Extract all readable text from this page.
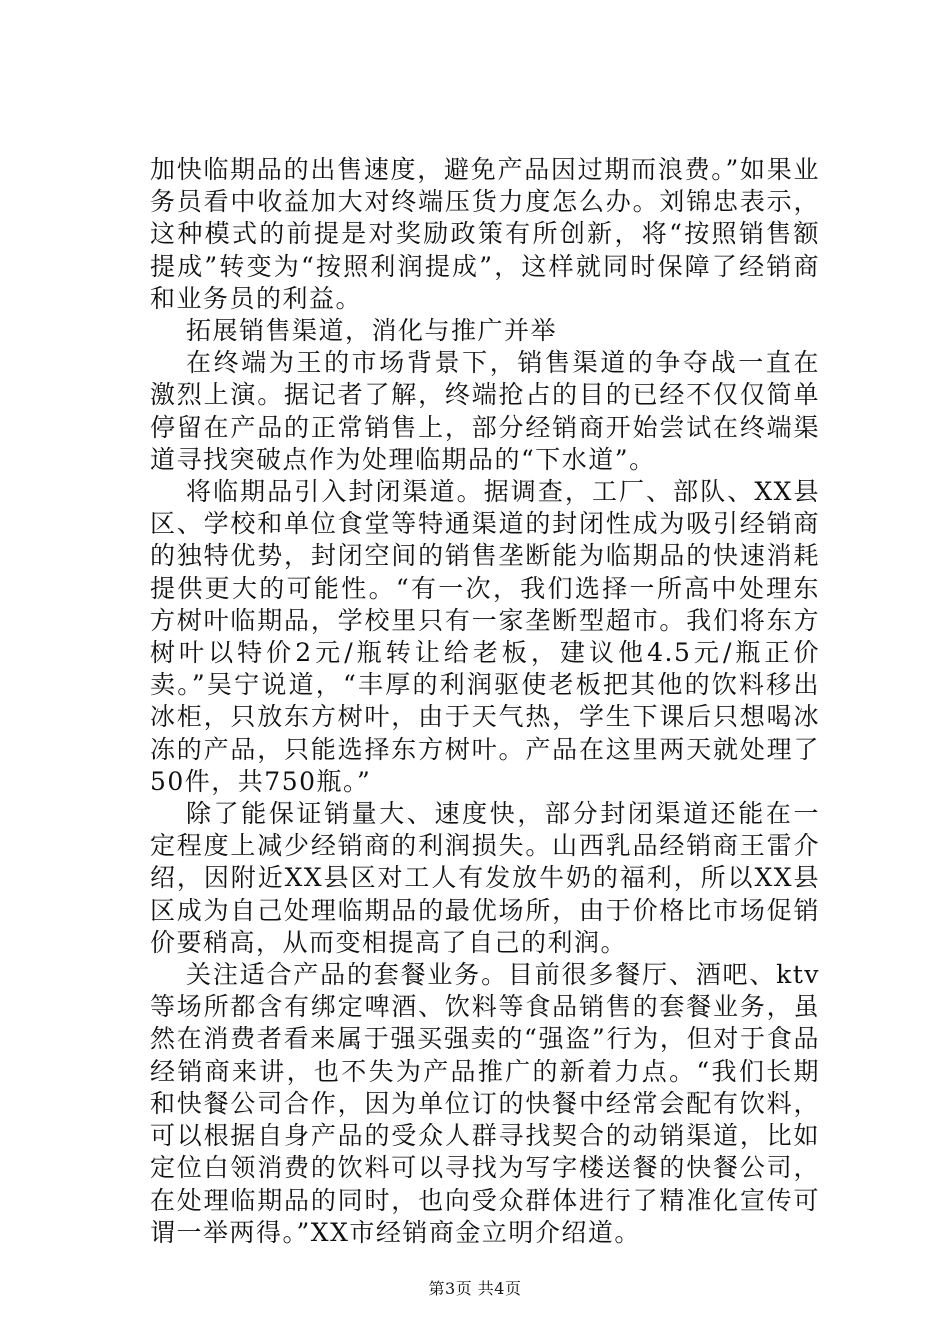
加快临期品的出售速度，避免产品因过期而浪费。”如果业务员看中收益加大对终端压货力度怎么办。刘锦忠表示，这种模式的前提是对奖励政策有所创新，将“按照销售额提成”转变为“按照利润提成”，这样就同时保障了经销商和业务员的利益。

拓展销售渠道，消化与推广并举

在终端为王的市场背景下，销售渠道的争夺战一直在激烈上演。据记者了解，终端抢占的目的已经不仅仅简单停留在产品的正常销售上，部分经销商开始尝试在终端渠道寻找突破点作为处理临期品的“下水道”。

将临期品引入封闭渠道。据调查，工厂、部队、XX县区、学校和单位食堂等特通渠道的封闭性成为吸引经销商的独特优势，封闭空间的销售垄断能为临期品的快速消耗提供更大的可能性。“有一次，我们选择一所高中处理东方树叶临期品，学校里只有一家垄断型超市。我们将东方树叶以特价2元/瓶转让给老板，建议他4.5元/瓶正价卖。”吴宁说道，“丰厚的利润驱使老板把其他的饮料移出冰柜，只放东方树叶，由于天气热，学生下课后只想喝冰冻的产品，只能选择东方树叶。产品在这里两天就处理了50件，共750瓶。”

除了能保证销量大、速度快，部分封闭渠道还能在一定程度上减少经销商的利润损失。山西乳品经销商王雷介绍，因附近XX县区对工人有发放牛奶的福利，所以XX县区成为自己处理临期品的最优场所，由于价格比市场促销价要稍高，从而变相提高了自己的利润。

关注适合产品的套餐业务。目前很多餐厅、酒吧、ktv等场所都含有绑定啤酒、饮料等食品销售的套餐业务，虽然在消费者看来属于强买强卖的“强盗”行为，但对于食品经销商来讲，也不失为产品推广的新着力点。“我们长期和快餐公司合作，因为单位订的快餐中经常会配有饮料，可以根据自身产品的受众人群寻找契合的动销渠道，比如定位白领消费的饮料可以寻找为写字楼送餐的快餐公司，在处理临期品的同时，也向受众群体进行了精准化宣传可谓一举两得。”XX市经销商金立明介绍道。

第3页 共4页
